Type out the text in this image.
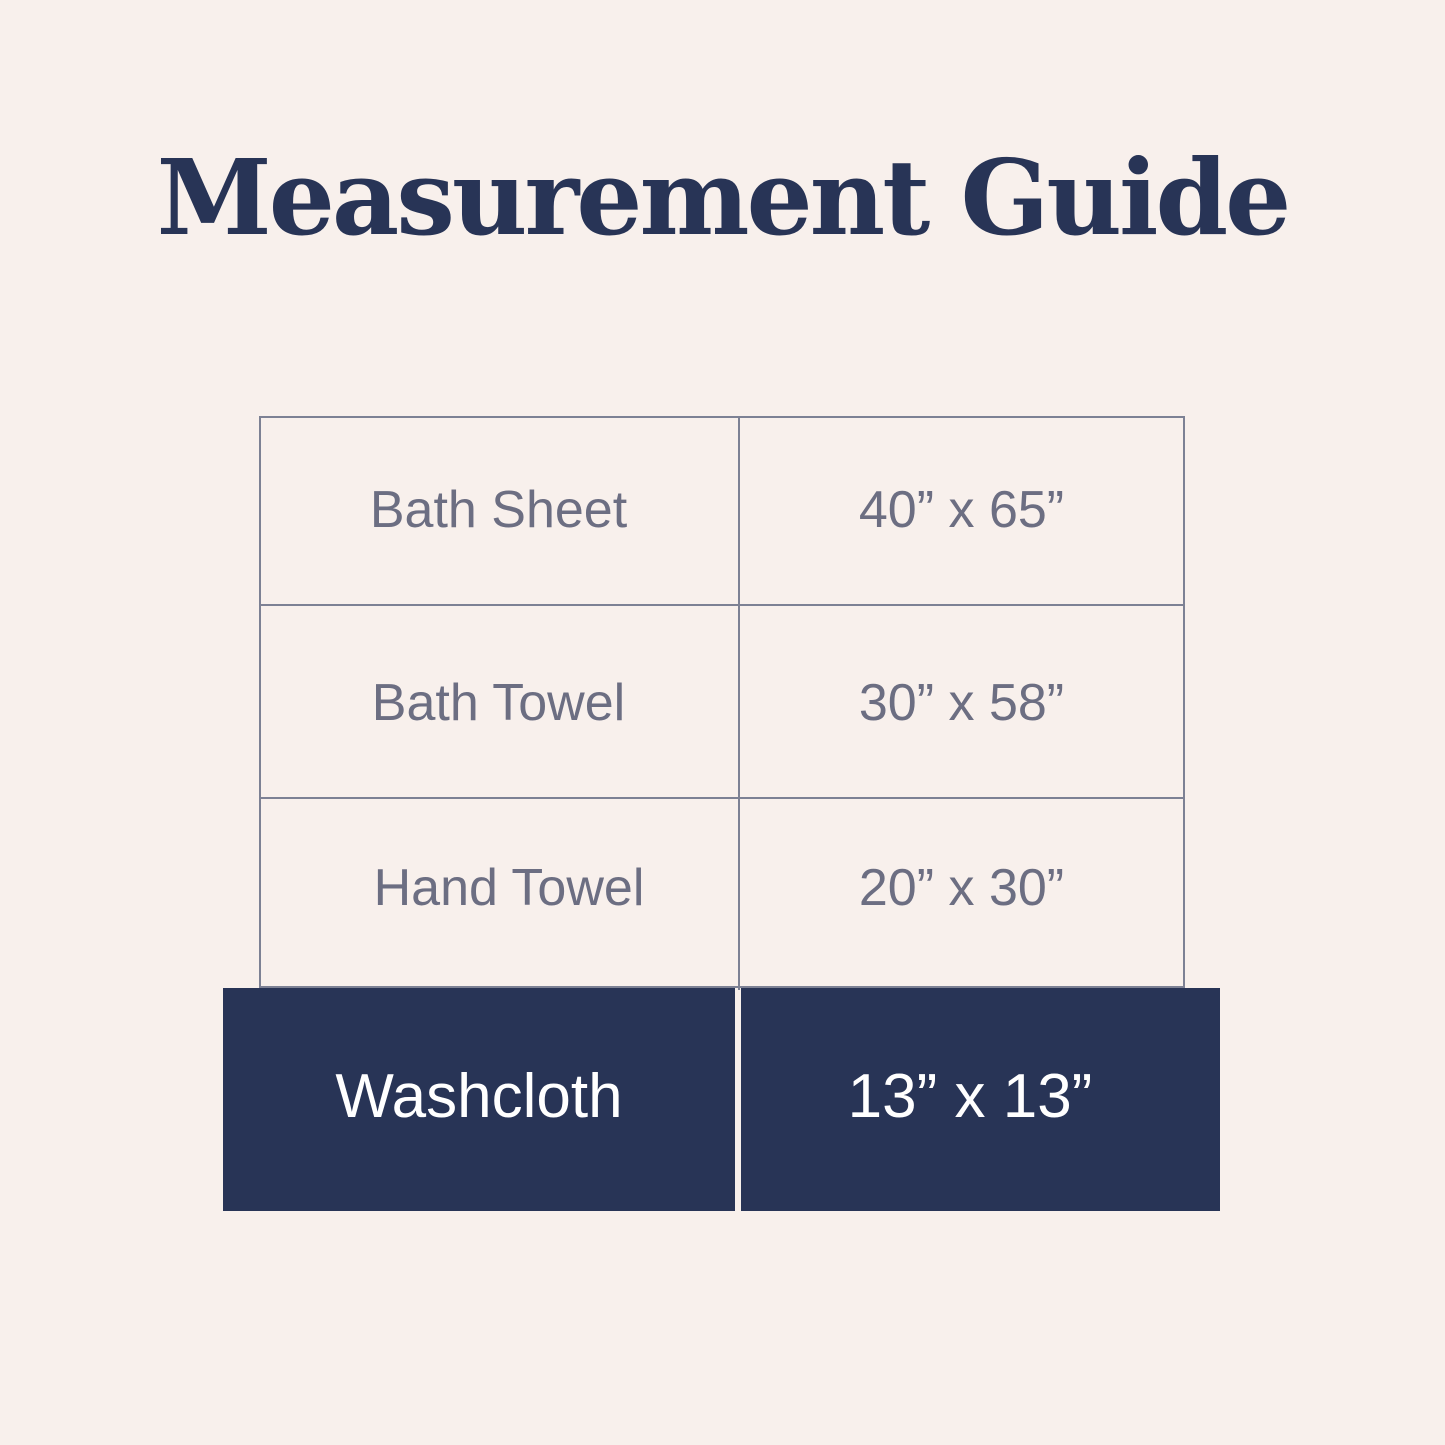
Measurement Guide
Bath Sheet	40” x 65”
Bath Towel	30” x 58”
Hand Towel	20” x 30”
Washcloth	13” x 13”
